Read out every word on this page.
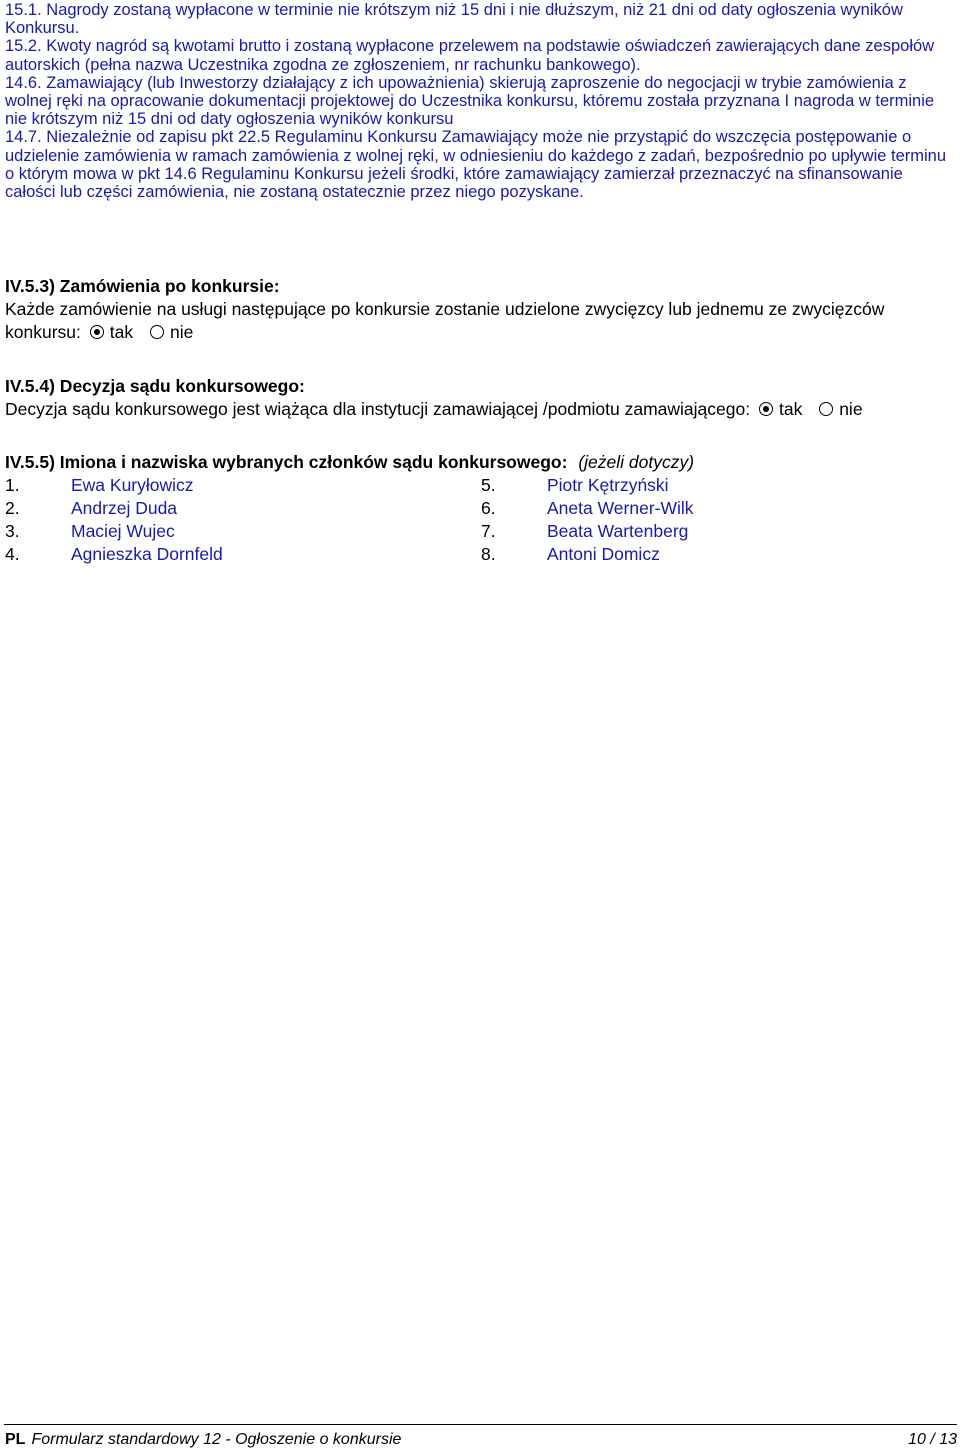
15.1. Nagrody zostaną wypłacone w terminie nie krótszym niż 15 dni i nie dłuższym, niż 21 dni od daty ogłoszenia wyników Konkursu.

15.2. Kwoty nagród są kwotami brutto i zostaną wypłacone przelewem na podstawie oświadczeń zawierających dane zespołów autorskich (pełna nazwa Uczestnika zgodna ze zgłoszeniem, nr rachunku bankowego).

14.6. Zamawiający (lub Inwestorzy działający z ich upoważnienia) skierują zaproszenie do negocjacji w trybie zamówienia z wolnej ręki na opracowanie dokumentacji projektowej do Uczestnika konkursu, któremu została przyznana I nagroda w terminie nie krótszym niż 15 dni od daty ogłoszenia wyników konkursu

14.7. Niezależnie od zapisu pkt 22.5 Regulaminu Konkursu Zamawiający może nie przystąpić do wszczęcia postępowanie o udzielenie zamówienia w ramach zamówienia z wolnej ręki, w odniesieniu do każdego z zadań, bezpośrednio po upływie terminu o którym mowa w pkt 14.6 Regulaminu Konkursu jeżeli środki, które zamawiający zamierzał przeznaczyć na sfinansowanie całości lub części zamówienia, nie zostaną ostatecznie przez niego pozyskane.

IV.5.3) Zamówienia po konkursie:
Każde zamówienie na usługi następujące po konkursie zostanie udzielone zwycięzcy lub jednemu ze zwycięzców konkursu: tak nie
IV.5.4) Decyzja sądu konkursowego:
Decyzja sądu konkursowego jest wiążąca dla instytucji zamawiającej /podmiotu zamawiającego: tak nie
IV.5.5) Imiona i nazwiska wybranych członków sądu konkursowego: (jeżeli dotyczy)
1.	Ewa Kuryłowicz
2.	Andrzej Duda
3.	Maciej Wujec
4.	Agnieszka Dornfeld
5.	Piotr Kętrzyński
6.	Aneta Werner-Wilk
7.	Beata Wartenberg
8.	Antoni Domicz
PL Formularz standardowy 12 - Ogłoszenie o konkursie	10 / 13
